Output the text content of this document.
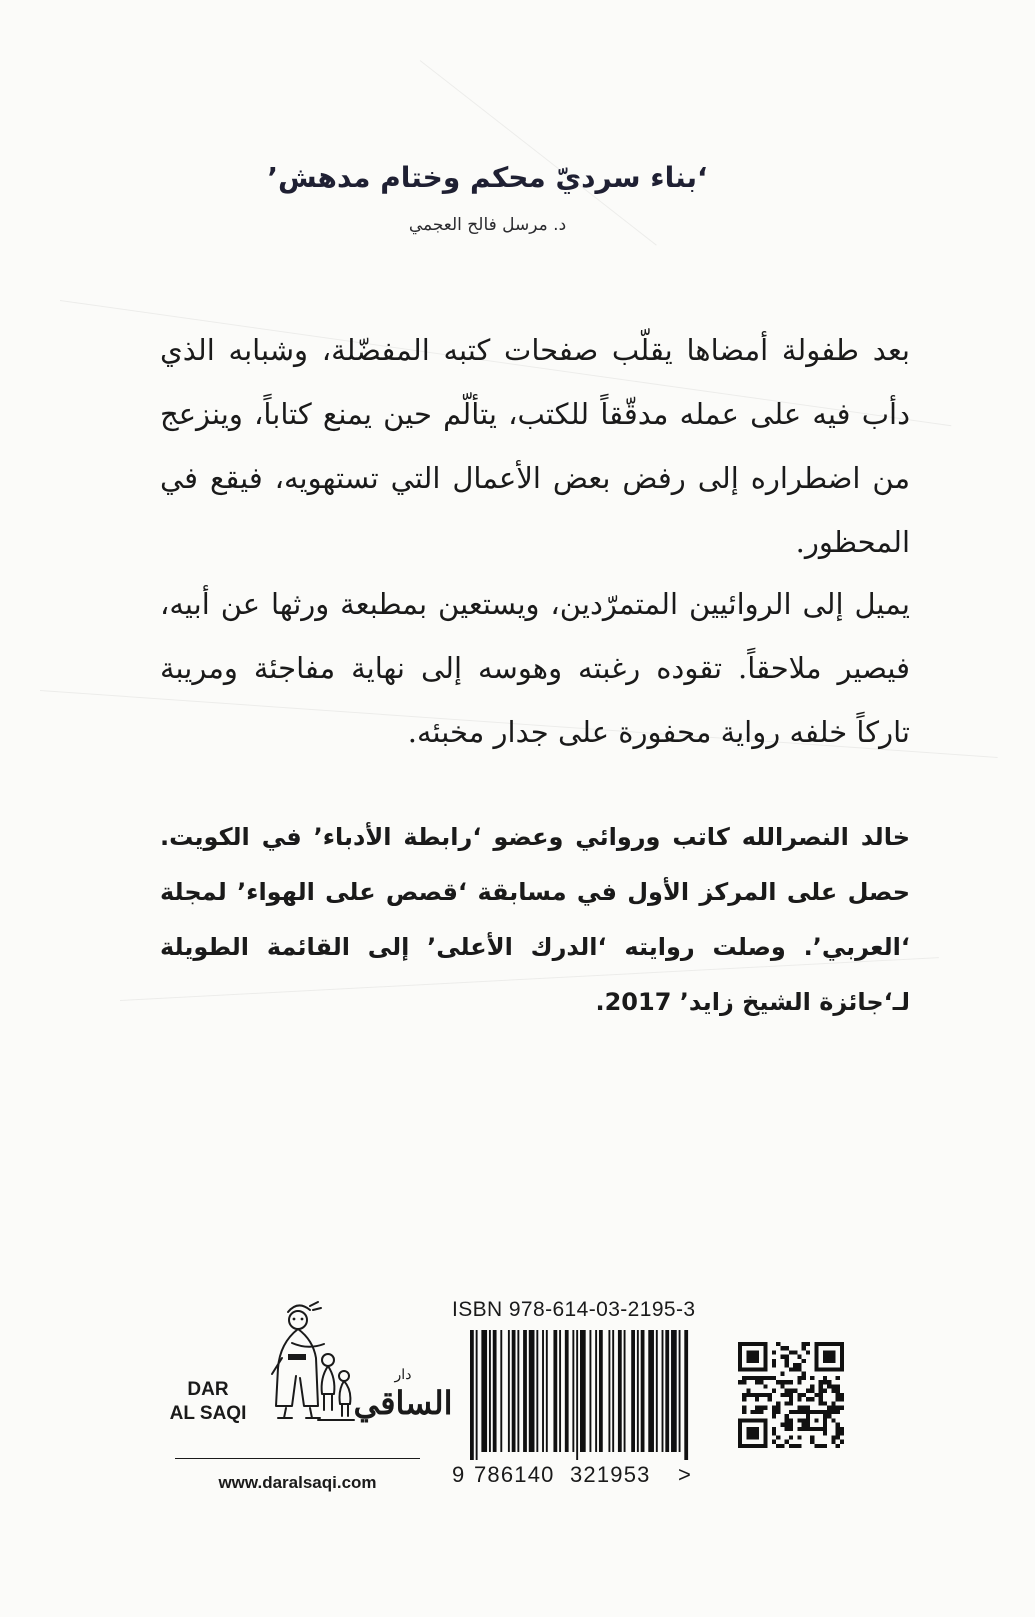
‘بناء سرديّ محكم وختام مدهش’
د. مرسل فالح العجمي

بعد طفولة أمضاها يقلّب صفحات كتبه المفضّلة، وشبابه الذي دأب فيه على عمله مدقّقاً للكتب، يتألّم حين يمنع كتاباً، وينزعج من اضطراره إلى رفض بعض الأعمال التي تستهويه، فيقع في المحظور.

يميل إلى الروائيين المتمرّدين، ويستعين بمطبعة ورثها عن أبيه، فيصير ملاحقاً. تقوده رغبته وهوسه إلى نهاية مفاجئة ومريبة تاركاً خلفه رواية محفورة على جدار مخبئه.

خالد النصرالله كاتب وروائي وعضو ‘رابطة الأدباء’ في الكويت. حصل على المركز الأول في مسابقة ‘قصص على الهواء’ لمجلة ‘العربي’. وصلت روايته ‘الدرك الأعلى’ إلى القائمة الطويلة لـ‘جائزة الشيخ زايد’ 2017.

DAR
AL SAQI
دار
الساقي
www.daralsaqi.com
ISBN 978-614-03-2195-3
9 786140 321953 >
